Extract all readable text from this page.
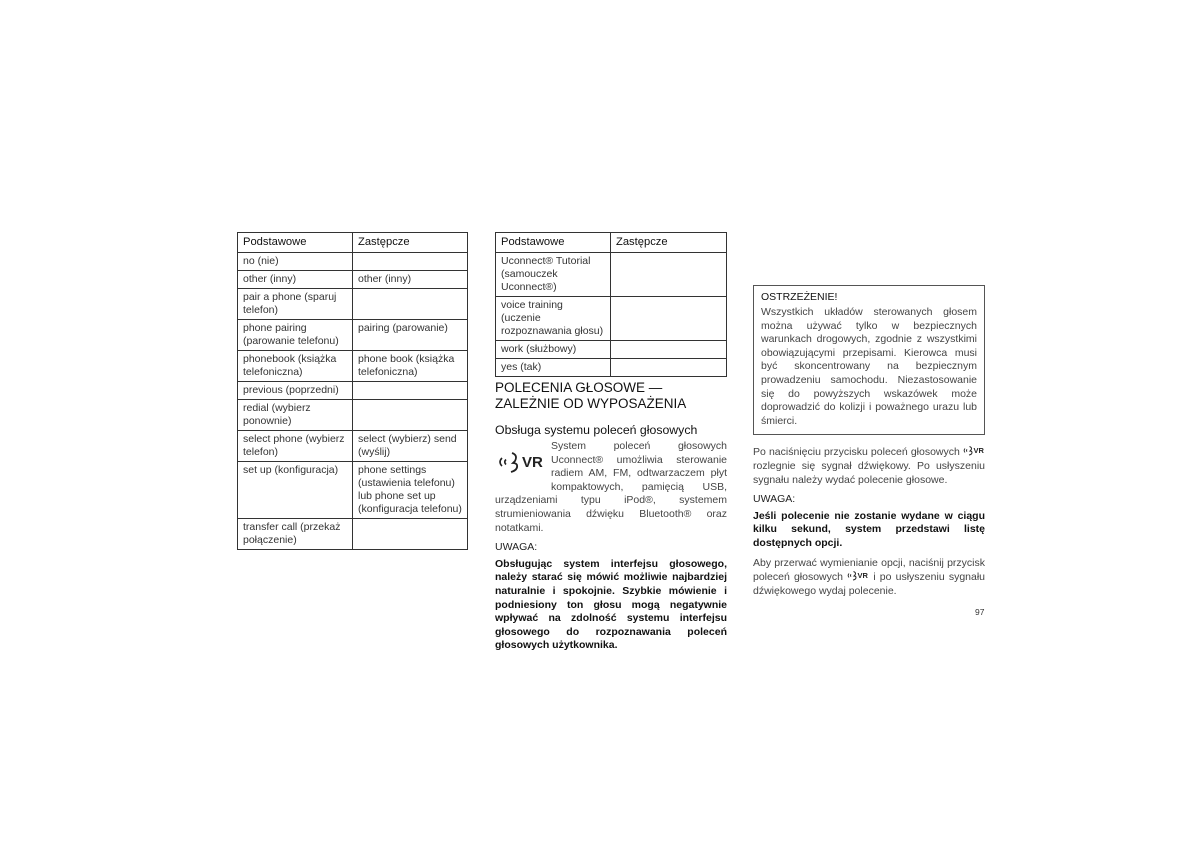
Podstawowe	Zastępcze
no (nie)	
other (inny)	other (inny)
pair a phone (sparuj telefon)	
phone pairing (parowanie telefonu)	pairing (parowanie)
phonebook (książka telefoniczna)	phone book (książka telefoniczna)
previous (poprzedni)	
redial (wybierz ponownie)	
select phone (wybierz telefon)	select (wybierz) send (wyślij)
set up (konfiguracja)	phone settings (ustawienia telefonu) lub phone set up (konfiguracja telefonu)
transfer call (przekaż połączenie)	
Podstawowe	Zastępcze
Uconnect® Tutorial (samouczek Uconnect®)	
voice training (uczenie rozpoznawania głosu)	
work (służbowy)	
yes (tak)	
POLECENIA GŁOSOWE — ZALEŻNIE OD WYPOSAŻENIA
Obsługa systemu poleceń głosowych
VR

System poleceń głosowych Uconnect® umożliwia sterowanie radiem AM, FM, odtwarzaczem płyt kompaktowych, pamięcią USB, urządzeniami typu iPod®, systemem strumieniowania dźwięku Bluetooth® oraz notatkami.

UWAGA:

Obsługując system interfejsu głosowego, należy starać się mówić możliwie najbardziej naturalnie i spokojnie. Szybkie mówienie i podniesiony ton głosu mogą negatywnie wpływać na zdolność systemu interfejsu głosowego do rozpoznawania poleceń głosowych użytkownika.

OSTRZEŻENIE!

Wszystkich układów sterowanych głosem można używać tylko w bezpiecznych warunkach drogowych, zgodnie z wszystkimi obowiązującymi przepisami. Kierowca musi być skoncentrowany na bezpiecznym prowadzeniu samochodu. Niezastosowanie się do powyższych wskazówek może doprowadzić do kolizji i poważnego urazu lub śmierci.

Po naciśnięciu przycisku poleceń głosowych VR
rozlegnie się sygnał dźwiękowy. Po usłyszeniu sygnału należy wydać polecenie głosowe.

UWAGA:

Jeśli polecenie nie zostanie wydane w ciągu kilku sekund, system przedstawi listę dostępnych opcji.

Aby przerwać wymienianie opcji, naciśnij przycisk poleceń głosowych VR i po usłyszeniu sygnału dźwiękowego wydaj polecenie.

97
